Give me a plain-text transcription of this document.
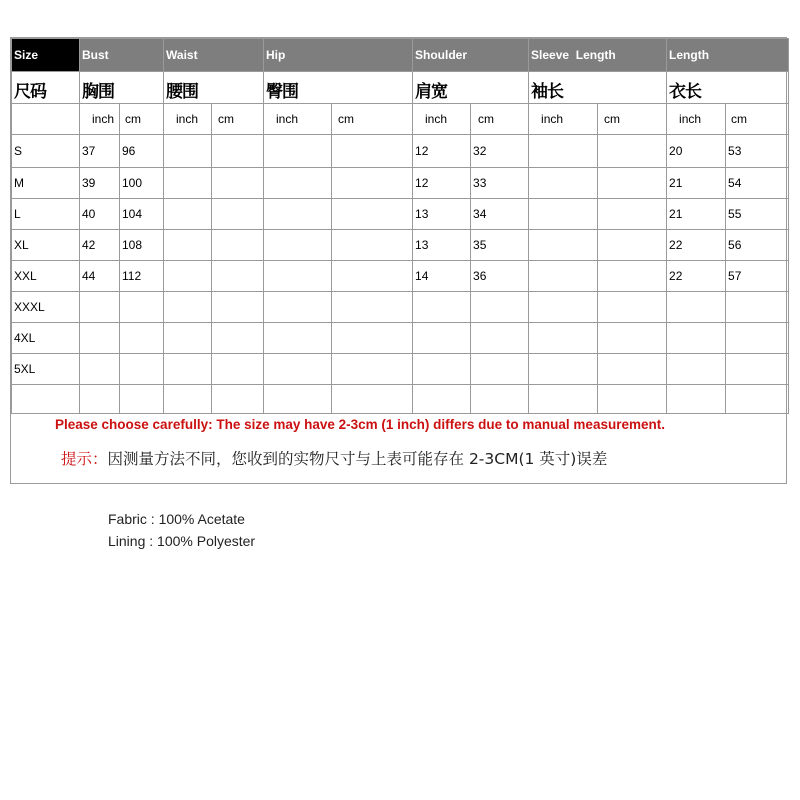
Size	Bust		Waist		Hip		Shoulder		Sleeve  Length		Length	
尺码	胸围		腰围		臀围		肩宽		袖长		衣长	
	inch	cm	inch	cm	inch	cm	inch	cm	inch	cm	inch	cm
S	37	96					12	32			20	53
M	39	100					12	33			21	54
L	40	104					13	34			21	55
XL	42	108					13	35			22	56
XXL	44	112					14	36			22	57
XXXL												
4XL												
5XL												

Please choose carefully: The size may have 2-3cm (1 inch) differs due to manual measurement.
提示：因测量方法不同，您收到的实物尺寸与上表可能存在 2-3CM(1 英寸)误差
Fabric : 100% Acetate
Lining : 100% Polyester
